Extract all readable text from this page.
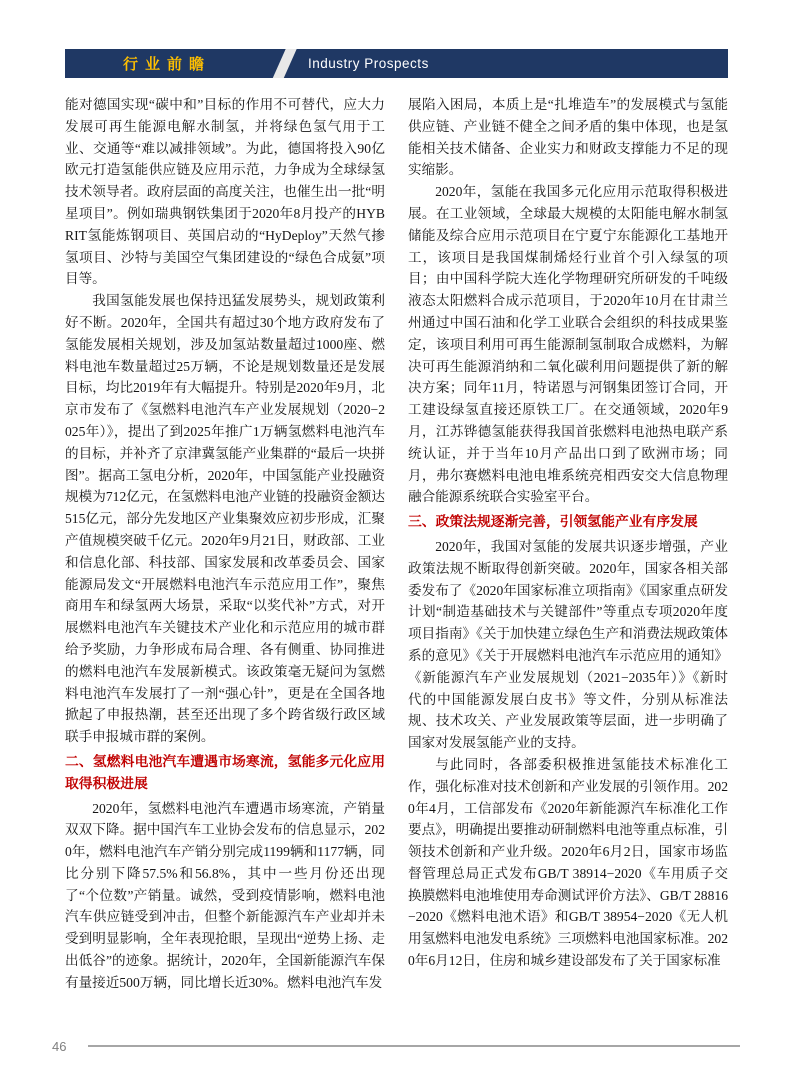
行业前瞻	Industry Prospects

能对德国实现“碳中和”目标的作用不可替代，应大力发展可再生能源电解水制氢，并将绿色氢气用于工业、交通等“难以减排领域”。为此，德国将投入90亿欧元打造氢能供应链及应用示范，力争成为全球绿氢技术领导者。政府层面的高度关注，也催生出一批“明星项目”。例如瑞典钢铁集团于2020年8月投产的HYBRIT氢能炼钢项目、英国启动的“HyDeploy”天然气掺氢项目、沙特与美国空气集团建设的“绿色合成氨”项目等。

我国氢能发展也保持迅猛发展势头，规划政策利好不断。2020年，全国共有超过30个地方政府发布了氢能发展相关规划，涉及加氢站数量超过1000座、燃料电池车数量超过25万辆，不论是规划数量还是发展目标，均比2019年有大幅提升。特别是2020年9月，北京市发布了《氢燃料电池汽车产业发展规划（2020−2025年）》，提出了到2025年推广1万辆氢燃料电池汽车的目标，并补齐了京津冀氢能产业集群的“最后一块拼图”。据高工氢电分析，2020年，中国氢能产业投融资规模为712亿元，在氢燃料电池产业链的投融资金额达515亿元，部分先发地区产业集聚效应初步形成，汇聚产值规模突破千亿元。2020年9月21日，财政部、工业和信息化部、科技部、国家发展和改革委员会、国家能源局发文“开展燃料电池汽车示范应用工作”，聚焦商用车和绿氢两大场景，采取“以奖代补”方式，对开展燃料电池汽车关键技术产业化和示范应用的城市群给予奖励，力争形成布局合理、各有侧重、协同推进的燃料电池汽车发展新模式。该政策毫无疑问为氢燃料电池汽车发展打了一剂“强心针”，更是在全国各地掀起了申报热潮，甚至还出现了多个跨省级行政区域联手申报城市群的案例。

二、氢燃料电池汽车遭遇市场寒流，氢能多元化应用取得积极进展

2020年，氢燃料电池汽车遭遇市场寒流，产销量双双下降。据中国汽车工业协会发布的信息显示，2020年，燃料电池汽车产销分别完成1199辆和1177辆，同比分别下降57.5%和56.8%，其中一些月份还出现了“个位数”产销量。诚然，受到疫情影响，燃料电池汽车供应链受到冲击，但整个新能源汽车产业却并未受到明显影响，全年表现抢眼，呈现出“逆势上扬、走出低谷”的迹象。据统计，2020年，全国新能源汽车保有量接近500万辆，同比增长近30%。燃料电池汽车发

展陷入困局，本质上是“扎堆造车”的发展模式与氢能供应链、产业链不健全之间矛盾的集中体现，也是氢能相关技术储备、企业实力和财政支撑能力不足的现实缩影。

2020年，氢能在我国多元化应用示范取得积极进展。在工业领域，全球最大规模的太阳能电解水制氢储能及综合应用示范项目在宁夏宁东能源化工基地开工，该项目是我国煤制烯烃行业首个引入绿氢的项目；由中国科学院大连化学物理研究所研发的千吨级液态太阳燃料合成示范项目，于2020年10月在甘肃兰州通过中国石油和化学工业联合会组织的科技成果鉴定，该项目利用可再生能源制氢制取合成燃料，为解决可再生能源消纳和二氧化碳利用问题提供了新的解决方案；同年11月，特诺恩与河钢集团签订合同，开工建设绿氢直接还原铁工厂。在交通领域，2020年9月，江苏铧德氢能获得我国首张燃料电池热电联产系统认证，并于当年10月产品出口到了欧洲市场；同月，弗尔赛燃料电池电堆系统亮相西安交大信息物理融合能源系统联合实验室平台。

三、政策法规逐渐完善，引领氢能产业有序发展

2020年，我国对氢能的发展共识逐步增强，产业政策法规不断取得创新突破。2020年，国家各相关部委发布了《2020年国家标准立项指南》《国家重点研发计划“制造基础技术与关键部件”等重点专项2020年度项目指南》《关于加快建立绿色生产和消费法规政策体系的意见》《关于开展燃料电池汽车示范应用的通知》《新能源汽车产业发展规划（2021−2035年）》《新时代的中国能源发展白皮书》等文件，分别从标准法规、技术攻关、产业发展政策等层面，进一步明确了国家对发展氢能产业的支持。

与此同时，各部委积极推进氢能技术标准化工作，强化标准对技术创新和产业发展的引领作用。2020年4月，工信部发布《2020年新能源汽车标准化工作要点》，明确提出要推动研制燃料电池等重点标准，引领技术创新和产业升级。2020年6月2日，国家市场监督管理总局正式发布GB/T 38914−2020《车用质子交换膜燃料电池堆使用寿命测试评价方法》、GB/T 28816−2020《燃料电池术语》和GB/T 38954−2020《无人机用氢燃料电池发电系统》三项燃料电池国家标准。2020年6月12日，住房和城乡建设部发布了关于国家标准

46
